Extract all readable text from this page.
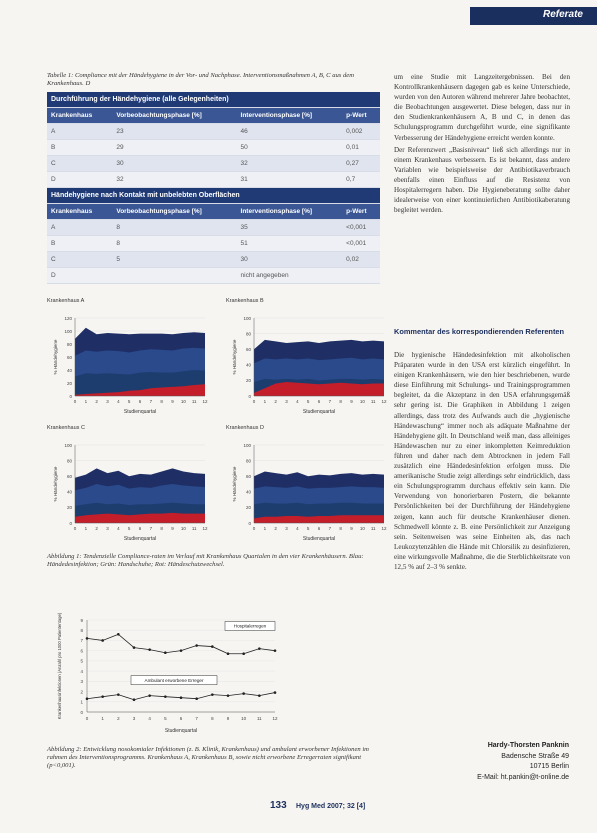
Referate
Tabelle 1: Compliance mit der Händehygiene in der Vor- und Nachphase. Interventionsmaßnahmen A, B, C aus dem Krankenhaus. D
Durchführung der Händehygiene (alle Gelegenheiten)			
Krankenhaus	Vorbeobachtungsphase [%]	Interventionsphase [%]	p-Wert
A	23	46	0,002
B	29	50	0,01
C	30	32	0,27
D	32	31	0,7
Händehygiene nach Kontakt mit unbelebten Oberflächen			
Krankenhaus	Vorbeobachtungsphase [%]	Interventionsphase [%]	p-Wert
A	8	35	<0,001
B	8	51	<0,001
C	5	30	0,02
D		nicht angegeben	
Krankenhaus A
0
20
40
60
80
100
120
0 1 2 3 4 5 6 7 8 9 10 11 12
Studienquartal
% Händehygiene
Krankenhaus B
0
20
40
60
80
100
0 1 2 3 4 5 6 7 8 9 10 11 12
Studienquartal
% Händehygiene
Krankenhaus C
0
20
40
60
80
100
0 1 2 3 4 5 6 7 8 9 10 11 12
Studienquartal
% Händehygiene
Krankenhaus D
0
20
40
60
80
100
0 1 2 3 4 5 6 7 8 9 10 11 12
Studienquartal
% Händehygiene
Abbildung 1: Tendenzielle Compliance-raten im Verlauf mit Krankenhaus Quartalen in den vier Krankenhäusern. Blau: Händedesinfektion; Grün: Handschuhe; Rot: Händeschutzwechsel.
0
1
2
3
4
5
6
7
8
9
Hospitalerregen
Ambulant erworbene Erreger
0	1	2	3	4	5	6	7	8	9	10 11 12
Studienquartal
Krankenhausinfektionen (Anzahl pro 1000 Patiententage)
Abbildung 2: Entwicklung nosokomialer Infektionen (z. B. Klinik, Krankenhaus) und ambulant erworbener Infektionen im rahmen des Interventionsprogramms. Krankenhaus A, Krankenhaus B, sowie nicht erworbene Erregerraten signifikant (p<0,001).

um eine Studie mit Langzeitergebnissen. Bei den Kontrollkrankenhäusern dagegen gab es keine Unterschiede, wurden von den Autoren während mehrerer Jahre beobachtet, die Beobachtungen ausgewertet. Diese belegen, dass nur in den Studienkrankenhäusern A, B und C, in denen das Schulungsprogramm durchgeführt wurde, eine signifikante Verbesserung der Händehygiene erreicht werden konnte.

Der Referenzwert „Basisniveau“ ließ sich allerdings nur in einem Krankenhaus verbessern. Es ist bekannt, dass andere Variablen wie beispielsweise der Antibiotikaverbrauch ebenfalls einen Einfluss auf die Resistenz von Hospitalerregern haben. Die Hygieneberatung sollte daher idealerweise von einer kontinuierlichen Antibiotikaberatung begleitet werden.

Kommentar des korrespondierenden Referenten

Die hygienische Händedesinfektion mit alkoholischen Präparaten wurde in den USA erst kürzlich eingeführt. In einigen Krankenhäusern, wie den hier beschriebenen, wurde diese Einführung mit Schulungs- und Trainingsprogrammen begleitet, da die Akzeptanz in den USA erfahrungsgemäß sehr gering ist. Die Graphiken in Abbildung 1 zeigen allerdings, dass trotz des Aufwands auch die „hygienische Händewaschung“ immer noch als adäquate Maßnahme der Händehygiene gilt. In Deutschland weiß man, dass alleiniges Händewaschen nur zu einer inkompletten Keimreduktion führen und daher nach dem Abtrocknen in jedem Fall zusätzlich eine Händedesinfektion erfolgen muss. Die amerikanische Studie zeigt allerdings sehr eindrücklich, dass ein Schulungsprogramm durchaus effektiv sein kann. Die Verwendung von honorierbaren Postern, die bekannte Persönlichkeiten bei der Durchführung der Händehygiene zeigen, kann auch für deutsche Krankenhäuser dienen. Schmedwell könnte z. B. eine Persönlichkeit zur Anzeigung sein. Seitenweisen was seine Einheiten als, das nach Leukozytenzählen die Hände mit Chlorsilik zu desinfizieren, eine wirkungsvolle Maßnahme, die die Sterblichkeitsrate von 12,5 % auf 2–3 % senkte.

Hardy-Thorsten Panknin
Badensche Straße 49
10715 Berlin
E-Mail: ht.pankin@t-online.de
133 Hyg Med 2007; 32 [4]
